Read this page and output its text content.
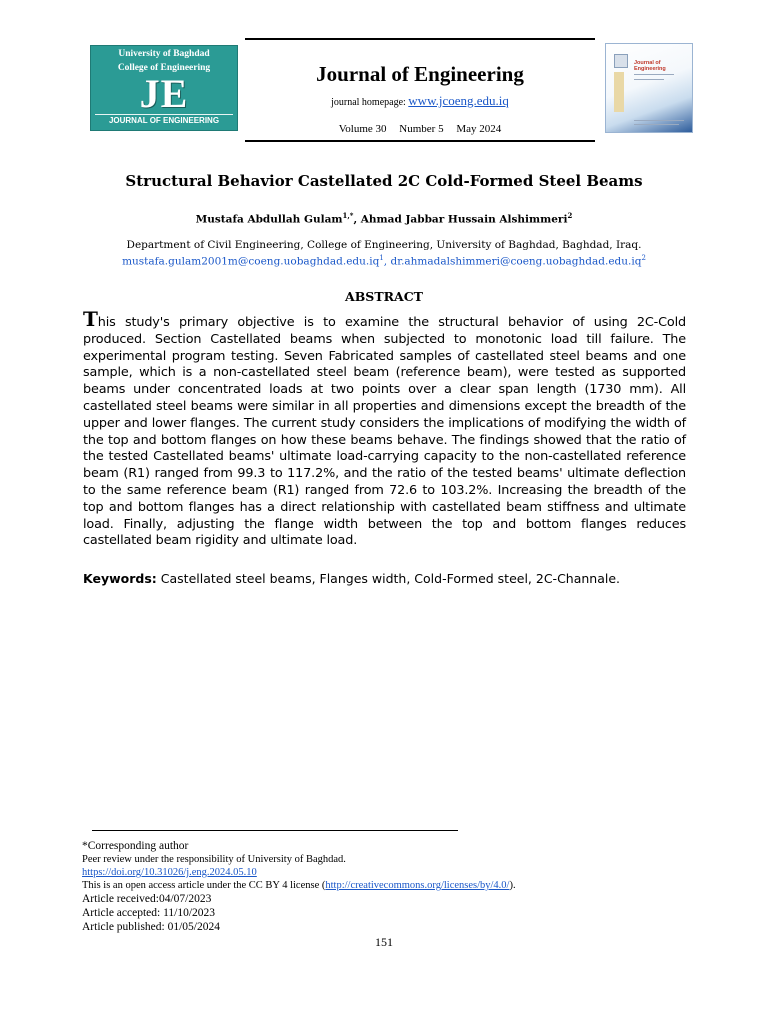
University of Baghdad
College of Engineering
JE
JOURNAL OF ENGINEERING
Journal of Engineering
journal homepage: www.jcoeng.edu.iq
Volume 30 Number 5 May 2024
Journal of Engineering
Structural Behavior Castellated 2C Cold-Formed Steel Beams
Mustafa Abdullah Gulam$^{1,*}$, Ahmad Jabbar Hussain Alshimmeri$^2$
Department of Civil Engineering, College of Engineering, University of Baghdad, Baghdad, Iraq.
$mustafa.gulam2001m@coeng.uobaghdad.edu.iq^1$, $dr.ahmadalshimmeri@coeng.uobaghdad.edu.iq^2$
ABSTRACT
This study's primary objective is to examine the structural behavior of using 2C-Cold produced. Section Castellated beams when subjected to monotonic load till failure. The experimental program testing. Seven Fabricated samples of castellated steel beams and one sample, which is a non-castellated steel beam (reference beam), were tested as supported beams under concentrated loads at two points over a clear span length (1730 mm). All castellated steel beams were similar in all properties and dimensions except the breadth of the upper and lower flanges. The current study considers the implications of modifying the width of the top and bottom flanges on how these beams behave. The findings showed that the ratio of the tested Castellated beams' ultimate load-carrying capacity to the non-castellated reference beam (R1) ranged from 99.3 to 117.2%, and the ratio of the tested beams' ultimate deflection to the same reference beam (R1) ranged from 72.6 to 103.2%. Increasing the breadth of the top and bottom flanges has a direct relationship with castellated beam stiffness and ultimate load. Finally, adjusting the flange width between the top and bottom flanges reduces castellated beam rigidity and ultimate load.
Keywords: Castellated steel beams, Flanges width, Cold-Formed steel, 2C-Channale.
*Corresponding author
Peer review under the responsibility of University of Baghdad.
https://doi.org/10.31026/j.eng.2024.05.10
This is an open access article under the CC BY 4 license (http://creativecommons.org/licenses/by/4.0/).
Article received:04/07/2023
Article accepted: 11/10/2023
Article published: 01/05/2024
151
